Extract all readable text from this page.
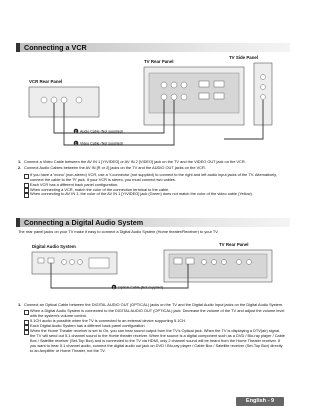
Connecting a VCR
TV Rear Panel
TV Side Panel
VCR Rear Panel
2 Audio Cable (Not supplied)
1 Video Cable (Not supplied)

1. Connect a Video Cable between the AV IN 1 [Y/VIDEO] or AV IN 2 [VIDEO] jack on the TV and the VIDEO OUT jack on the VCR.

2. Connect Audio Cables between the AV IN [R or 2] jacks on the TV and the AUDIO OUT jacks on the VCR.

If you have a 'mono' (non-stereo) VCR, use a Y-connector (not supplied) to connect to the right and left audio input jacks of the TV. Alternatively, connect the cable to the 'R' jack. If your VCR is stereo, you must connect two cables.
Each VCR has a different back panel configuration.
When connecting a VCR, match the color of the connection terminal to the cable.
When connecting to AV IN 1, the color of the AV IN 1 [Y/VIDEO] jack (Green) does not match the color of the video cable (Yellow).
Connecting a Digital Audio System
The rear panel jacks on your TV make it easy to connect a Digital Audio System (Home theater/Receiver) to your TV.
Digital Audio System	TV Rear Panel
1 Optical Cable (Not supplied)

1. Connect an Optical Cable between the DIGITAL AUDIO OUT (OPTICAL) jacks on the TV and the Digital Audio Input jacks on the Digital Audio System.

When a Digital Audio System is connected to the DIGITAL AUDIO OUT (OPTICAL) jack: Decrease the volume of the TV and adjust the volume level with the system's volume control.
5.1CH audio is possible when the TV is connected to an external device supporting 5.1CH.
Each Digital Audio System has a different back panel configuration.
When the Home Theater receiver is set to On, you can hear sound output from the TV's Optical jack. When the TV is displaying a DTV(air) signal, the TV will send out 5.1 channel sound to the Home theater receiver. When the source is a digital component such as a DVD / Blu-ray player / Cable Box / Satellite receiver (Set-Top Box) and is connected to the TV via HDMI, only 2 channel sound will be heard from the Home Theater receiver. If you want to hear 5.1 channel audio, connect the digital audio out jack on DVD / Blu-ray player / Cable Box / Satellite receiver (Set-Top Box) directly to an Amplifier or Home Theater, not the TV.
English - 9
